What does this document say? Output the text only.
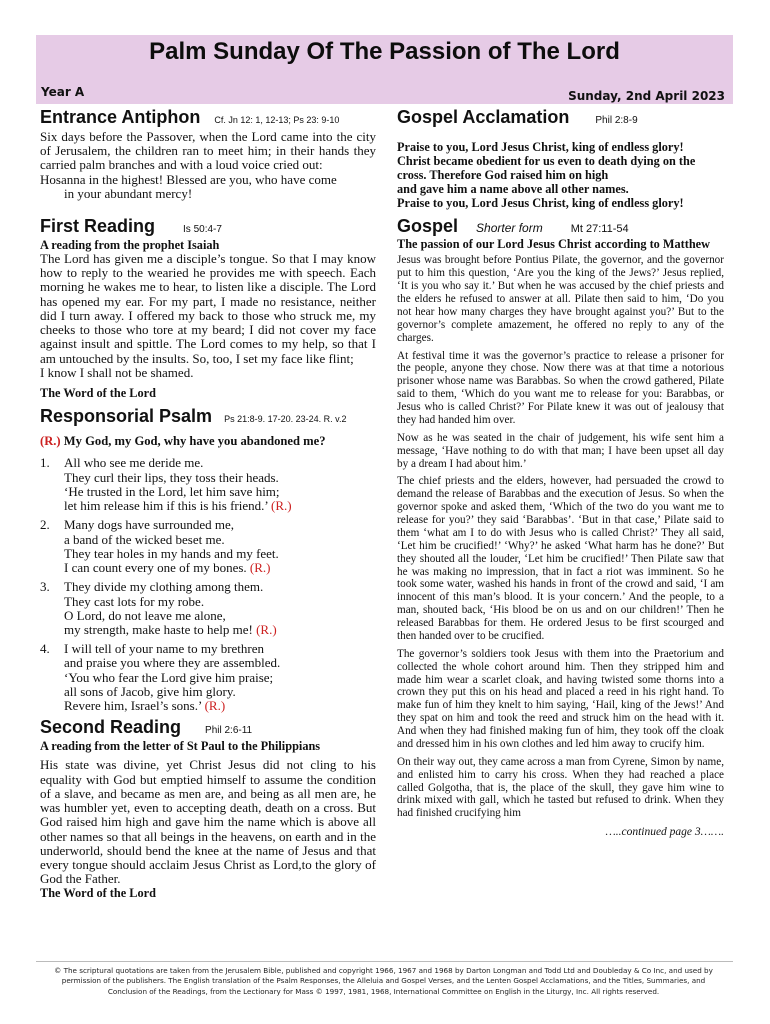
Palm Sunday Of The Passion of The Lord
Year A	Sunday, 2nd April 2023
Entrance Antiphon Cf. Jn 12: 1, 12-13; Ps 23: 9-10

Six days before the Passover, when the Lord came into the city of Jerusalem, the children ran to meet him; in their hands they carried palm branches and with a loud voice cried out:

Hosanna in the highest! Blessed are you, who have come

in your abundant mercy!

First Reading	Is 50:4-7

A reading from the prophet Isaiah

The Lord has given me a disciple’s tongue. So that I may know how to reply to the wearied he provides me with speech. Each morning he wakes me to hear, to listen like a disciple. The Lord has opened my ear. For my part, I made no resistance, neither did I turn away. I offered my back to those who struck me, my cheeks to those who tore at my beard; I did not cover my face against insult and spittle. The Lord comes to my help, so that I am untouched by the insults. So, too, I set my face like flint;

I know I shall not be shamed.

The Word of the Lord

Responsorial Psalm Ps 21:8-9. 17-20. 23-24. R. v.2

(R.) My God, my God, why have you abandoned me?

1.	All who see me deride me.
They curl their lips, they toss their heads.
‘He trusted in the Lord, let him save him;
let him release him if this is his friend.’ (R.)
2.	Many dogs have surrounded me,
a band of the wicked beset me.
They tear holes in my hands and my feet.
I can count every one of my bones. (R.)
3.	They divide my clothing among them.
They cast lots for my robe.
O Lord, do not leave me alone,
my strength, make haste to help me! (R.)
4.	I will tell of your name to my brethren
and praise you where they are assembled.
‘You who fear the Lord give him praise;
all sons of Jacob, give him glory.
Revere him, Israel’s sons.’ (R.)
Second Reading Phil 2:6-11

A reading from the letter of St Paul to the Philippians

His state was divine, yet Christ Jesus did not cling to his equality with God but emptied himself to assume the condition of a slave, and became as men are, and being as all men are, he was humbler yet, even to accepting death, death on a cross. But God raised him high and gave him the name which is above all other names so that all beings in the heavens, on earth and in the underworld, should bend the knee at the name of Jesus and that every tongue should acclaim Jesus Christ as Lord,to the glory of God the Father.

The Word of the Lord

Gospel Acclamation	Phil 2:8-9

Praise to you, Lord Jesus Christ, king of endless glory!

Christ became obedient for us even to death dying on the cross. Therefore God raised him on high

and gave him a name above all other names.

Praise to you, Lord Jesus Christ, king of endless glory!

Gospel Shorter form	Mt 27:11-54

The passion of our Lord Jesus Christ according to Matthew

Jesus was brought before Pontius Pilate, the governor, and the governor put to him this question, ‘Are you the king of the Jews?’ Jesus replied, ‘It is you who say it.’ But when he was accused by the chief priests and the elders he refused to answer at all. Pilate then said to him, ‘Do you not hear how many charges they have brought against you?’ But to the governor’s complete amazement, he offered no reply to any of the charges.

At festival time it was the governor’s practice to release a prisoner for the people, anyone they chose. Now there was at that time a notorious prisoner whose name was Barabbas. So when the crowd gathered, Pilate said to them, ‘Which do you want me to release for you: Barabbas, or Jesus who is called Christ?’ For Pilate knew it was out of jealousy that they had handed him over.

Now as he was seated in the chair of judgement, his wife sent him a message, ‘Have nothing to do with that man; I have been upset all day by a dream I had about him.’

The chief priests and the elders, however, had persuaded the crowd to demand the release of Barabbas and the execution of Jesus. So when the governor spoke and asked them, ‘Which of the two do you want me to release for you?’ they said ‘Barabbas’. ‘But in that case,’ Pilate said to them ‘what am I to do with Jesus who is called Christ?’ They all said, ‘Let him be crucified!’ ‘Why?’ he asked ‘What harm has he done?’ But they shouted all the louder, ‘Let him be crucified!’ Then Pilate saw that he was making no impression, that in fact a riot was imminent. So he took some water, washed his hands in front of the crowd and said, ‘I am innocent of this man’s blood. It is your concern.’ And the people, to a man, shouted back, ‘His blood be on us and on our children!’ Then he released Barabbas for them. He ordered Jesus to be first scourged and then handed over to be crucified.

The governor’s soldiers took Jesus with them into the Praetorium and collected the whole cohort around him. Then they stripped him and made him wear a scarlet cloak, and having twisted some thorns into a crown they put this on his head and placed a reed in his right hand. To make fun of him they knelt to him saying, ‘Hail, king of the Jews!’ And they spat on him and took the reed and struck him on the head with it. And when they had finished making fun of him, they took off the cloak and dressed him in his own clothes and led him away to crucify him.

On their way out, they came across a man from Cyrene, Simon by name, and enlisted him to carry his cross. When they had reached a place called Golgotha, that is, the place of the skull, they gave him wine to drink mixed with gall, which he tasted but refused to drink. When they had finished crucifying him

…..continued page 3…….

© The scriptural quotations are taken from the Jerusalem Bible, published and copyright 1966, 1967 and 1968 by Darton Longman and Todd Ltd and Doubleday & Co Inc, and used by
permission of the publishers. The English translation of the Psalm Responses, the Alleluia and Gospel Verses, and the Lenten Gospel Acclamations, and the Titles, Summaries, and
Conclusion of the Readings, from the Lectionary for Mass © 1997, 1981, 1968, International Committee on English in the Liturgy, Inc. All rights reserved.
